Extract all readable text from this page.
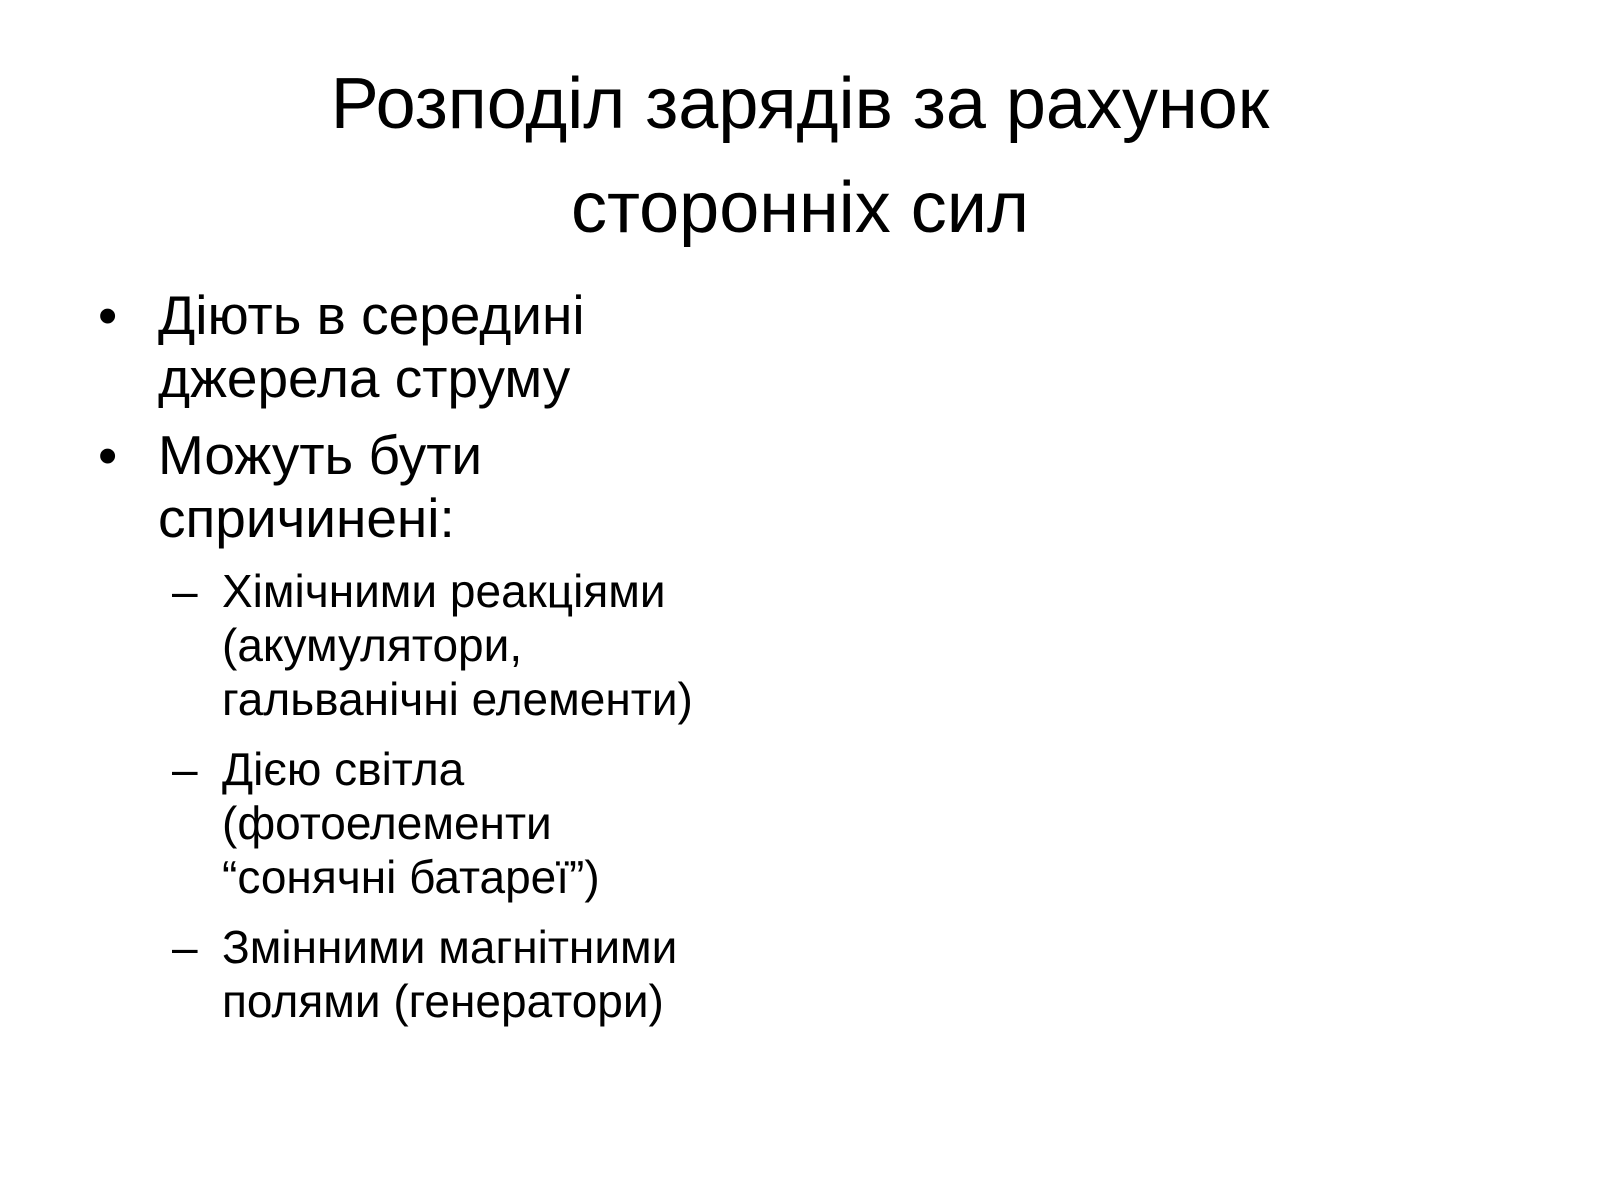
Розподіл зарядів за рахунок
сторонніх сил
• Діють в середині
джерела струму
• Можуть бути
спричинені:
– Хімічними реакціями
(акумулятори,
гальванічні елементи)
– Дією світла
(фотоелементи
“сонячні батареї”)
– Змінними магнітними
полями (генератори)
